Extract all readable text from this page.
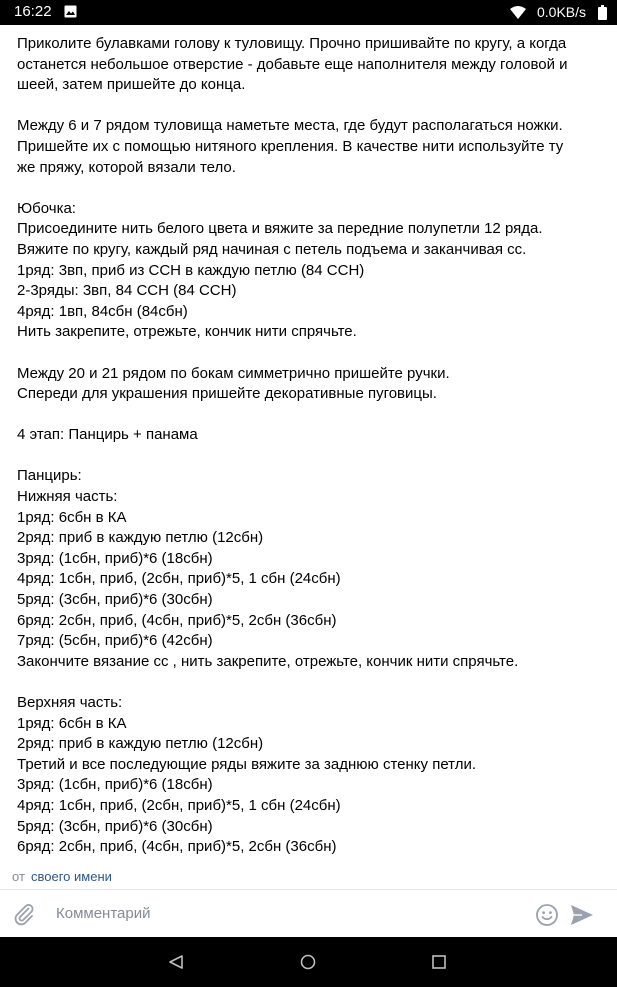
16:22	0.0KB/s
Приколите булавками голову к туловищу. Прочно пришивайте по кругу, а когда
останется небольшое отверстие - добавьте еще наполнителя между головой и
шеей, затем пришейте до конца.
Между 6 и 7 рядом туловища наметьте места, где будут располагаться ножки.
Пришейте их с помощью нитяного крепления. В качестве нити используйте ту
же пряжу, которой вязали тело.
Юбочка:
Присоедините нить белого цвета и вяжите за передние полупетли 12 ряда.
Вяжите по кругу, каждый ряд начиная с петель подъема и заканчивая сс.
1ряд: 3вп, приб из ССН в каждую петлю (84 ССН)
2-3ряды: 3вп, 84 ССН (84 ССН)
4ряд: 1вп, 84сбн (84сбн)
Нить закрепите, отрежьте, кончик нити спрячьте.
Между 20 и 21 рядом по бокам симметрично пришейте ручки.
Спереди для украшения пришейте декоративные пуговицы.
4 этап: Панцирь + панама
Панцирь:
Нижняя часть:
1ряд: 6сбн в КА
2ряд: приб в каждую петлю (12сбн)
3ряд: (1сбн, приб)*6 (18сбн)
4ряд: 1сбн, приб, (2сбн, приб)*5, 1 сбн (24сбн)
5ряд: (3сбн, приб)*6 (30сбн)
6ряд: 2сбн, приб, (4сбн, приб)*5, 2сбн (36сбн)
7ряд: (5сбн, приб)*6 (42сбн)
Закончите вязание сс , нить закрепите, отрежьте, кончик нити спрячьте.
Верхняя часть:
1ряд: 6сбн в КА
2ряд: приб в каждую петлю (12сбн)
Третий и все последующие ряды вяжите за заднюю стенку петли.
3ряд: (1сбн, приб)*6 (18сбн)
4ряд: 1сбн, приб, (2сбн, приб)*5, 1 сбн (24сбн)
5ряд: (3сбн, приб)*6 (30сбн)
6ряд: 2сбн, приб, (4сбн, приб)*5, 2сбн (36сбн)
от своего имени
Комментарий
